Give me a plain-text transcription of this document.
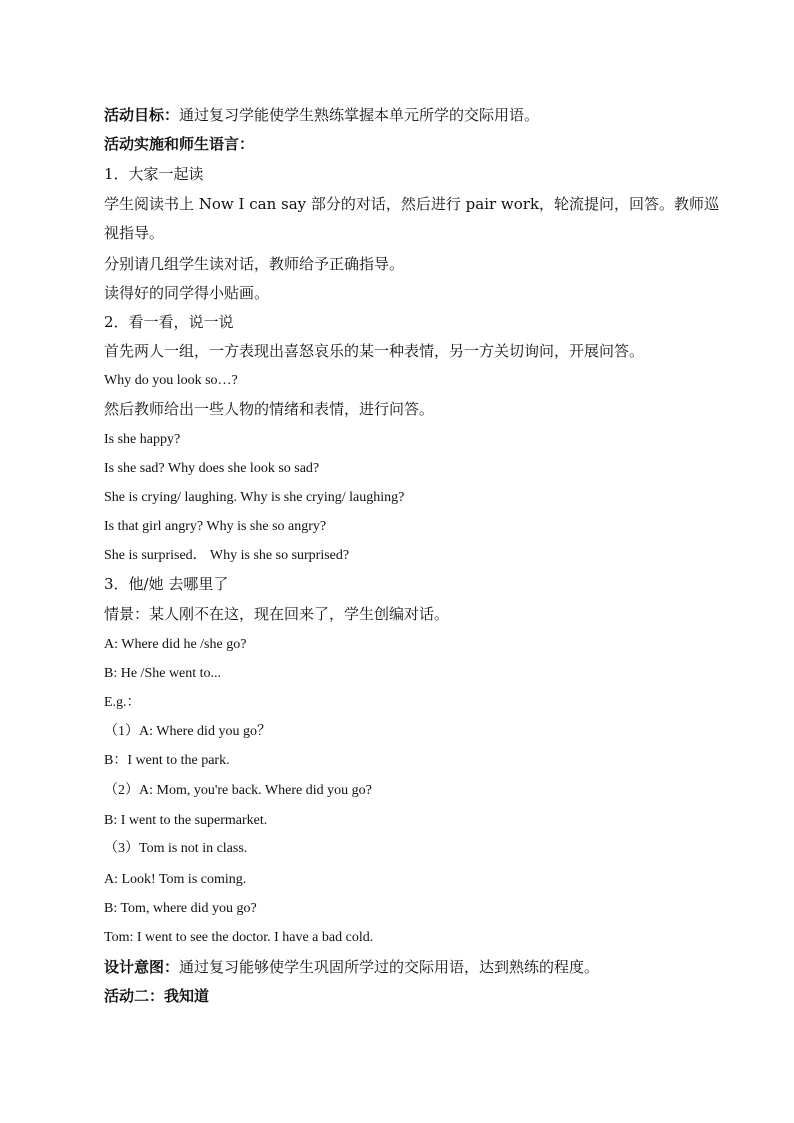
活动目标：通过复习学能使学生熟练掌握本单元所学的交际用语。
活动实施和师生语言：
1．大家一起读
学生阅读书上 Now I can say 部分的对话，然后进行 pair work，轮流提问，回答。教师巡
视指导。
分别请几组学生读对话，教师给予正确指导。
读得好的同学得小贴画。
2．看一看，说一说
首先两人一组，一方表现出喜怒哀乐的某一种表情，另一方关切询问，开展问答。
Why do you look so…?
然后教师给出一些人物的情绪和表情，进行问答。
Is she happy?
Is she sad? Why does she look so sad?
She is crying/ laughing. Why is she crying/ laughing?
Is that girl angry? Why is she so angry?
She is surprised． Why is she so surprised?
3．他/她 去哪里了
情景：某人刚不在这，现在回来了，学生创编对话。
A: Where did he /she go?
B: He /She went to...
E.g.：
（1）A: Where did you go？
B：I went to the park.
（2）A: Mom, you're back. Where did you go?
B: I went to the supermarket.
（3）Tom is not in class.
A: Look! Tom is coming.
B: Tom, where did you go?
Tom: I went to see the doctor. I have a bad cold.
设计意图：通过复习能够使学生巩固所学过的交际用语，达到熟练的程度。
活动二：我知道
